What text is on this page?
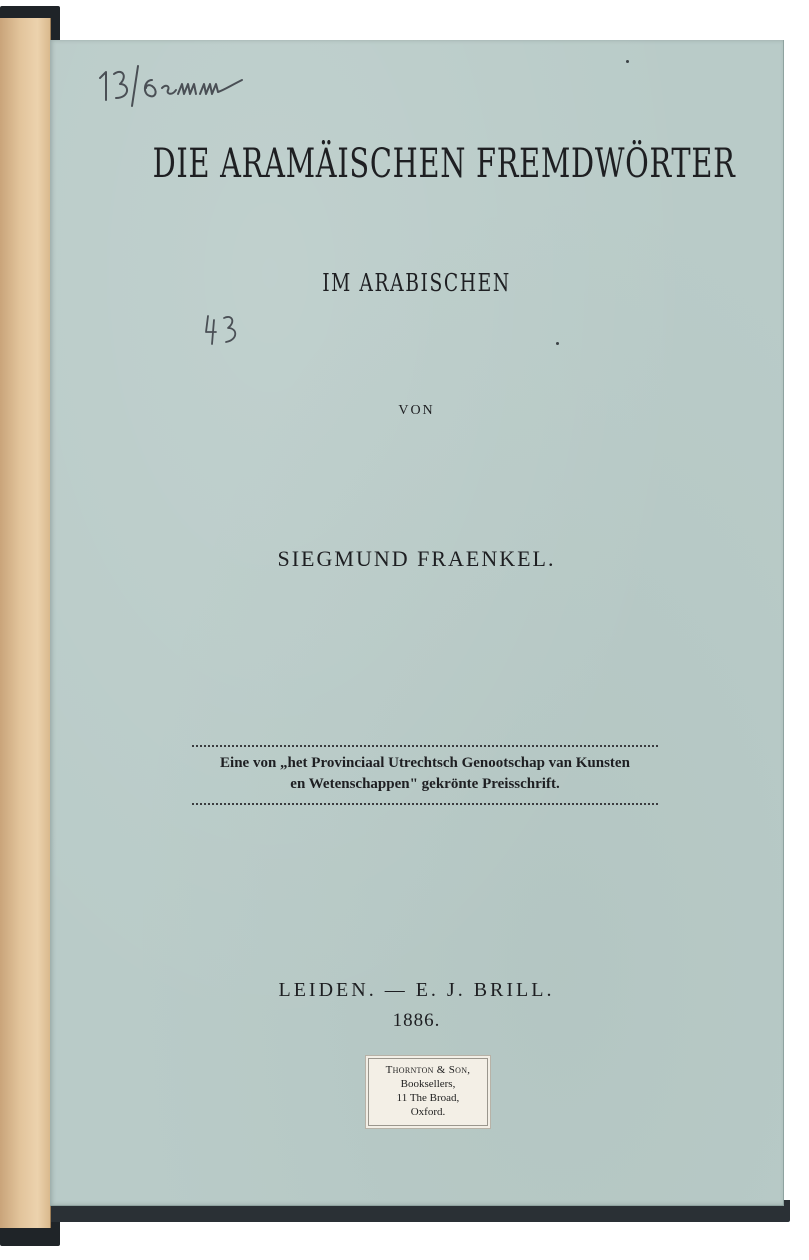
DIE ARAMÄISCHEN FREMDWÖRTER
IM ARABISCHEN
VON
SIEGMUND FRAENKEL.
Eine von „het Provinciaal Utrechtsch Genootschap van Kunsten
en Wetenschappen" gekrönte Preisschrift.
LEIDEN. — E. J. BRILL.
1886.
Thornton & Son,
Booksellers,
11 The Broad,
Oxford.
